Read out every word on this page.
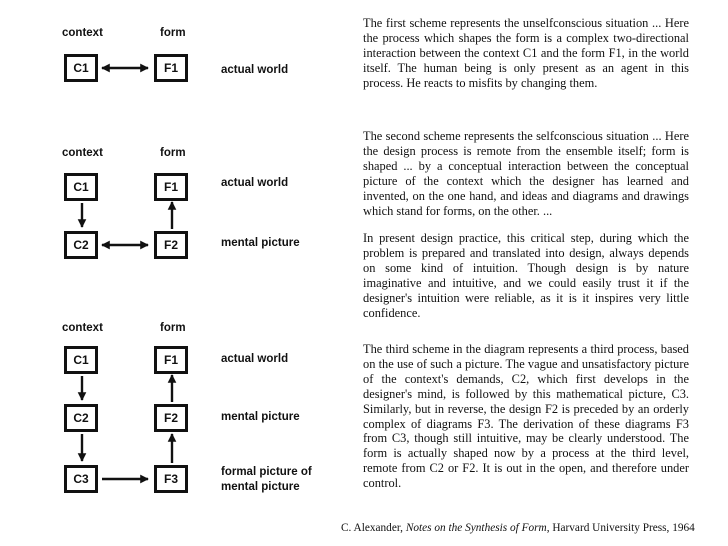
context	form
C1	F1	actual world
context	form
C1	F1	actual world
C2	F2	mental picture
context	form
C1	F1	actual world
C2	F2	mental picture
C3	F3	formal picture of
mental picture

The first scheme represents the unselfconscious situation ... Here the process which shapes the form is a complex two-directional interaction between the context C1 and the form F1, in the world itself. The human being is only present as an agent in this process. He reacts to misfits by changing them.

The second scheme represents the selfconscious situation ... Here the design process is remote from the ensemble itself; form is shaped ... by a conceptual interaction between the conceptual picture of the context which the designer has learned and invented, on the one hand, and ideas and diagrams and drawings which stand for forms, on the other. ...

In present design practice, this critical step, during which the problem is prepared and translated into design, always depends on some kind of intuition. Though design is by nature imaginative and intuitive, and we could easily trust it if the designer's intuition were reliable, as it is it inspires very little confidence.

The third scheme in the diagram represents a third process, based on the use of such a picture. The vague and unsatisfactory picture of the context's demands, C2, which first develops in the designer's mind, is followed by this mathematical picture, C3. Similarly, but in reverse, the design F2 is preceded by an orderly complex of diagrams F3. The derivation of these diagrams F3 from C3, though still intuitive, may be clearly understood. The form is actually shaped now by a process at the third level, remote from C2 or F2. It is out in the open, and therefore under control.

C. Alexander, Notes on the Synthesis of Form, Harvard University Press, 1964
